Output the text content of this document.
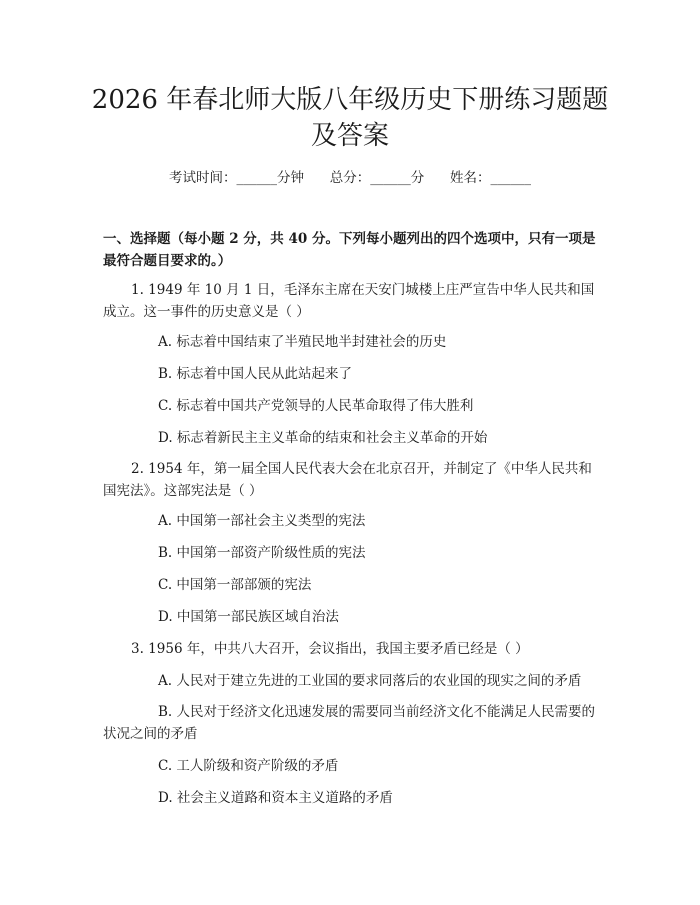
2026 年春北师大版八年级历史下册练习题题
及答案
考试时间：______分钟      总分：______分      姓名：______
一、选择题（每小题 2 分，共 40 分。下列每小题列出的四个选项中，只有一项是最符合题目要求的。）
1. 1949 年 10 月 1 日，毛泽东主席在天安门城楼上庄严宣告中华人民共和国成立。这一事件的历史意义是（ ）
A. 标志着中国结束了半殖民地半封建社会的历史
B. 标志着中国人民从此站起来了
C. 标志着中国共产党领导的人民革命取得了伟大胜利
D. 标志着新民主主义革命的结束和社会主义革命的开始
2. 1954 年，第一届全国人民代表大会在北京召开，并制定了《中华人民共和国宪法》。这部宪法是（ ）
A. 中国第一部社会主义类型的宪法
B. 中国第一部资产阶级性质的宪法
C. 中国第一部部颁的宪法
D. 中国第一部民族区域自治法
3. 1956 年，中共八大召开，会议指出，我国主要矛盾已经是（ ）
A. 人民对于建立先进的工业国的要求同落后的农业国的现实之间的矛盾
B. 人民对于经济文化迅速发展的需要同当前经济文化不能满足人民需要的状况之间的矛盾
C. 工人阶级和资产阶级的矛盾
D. 社会主义道路和资本主义道路的矛盾
